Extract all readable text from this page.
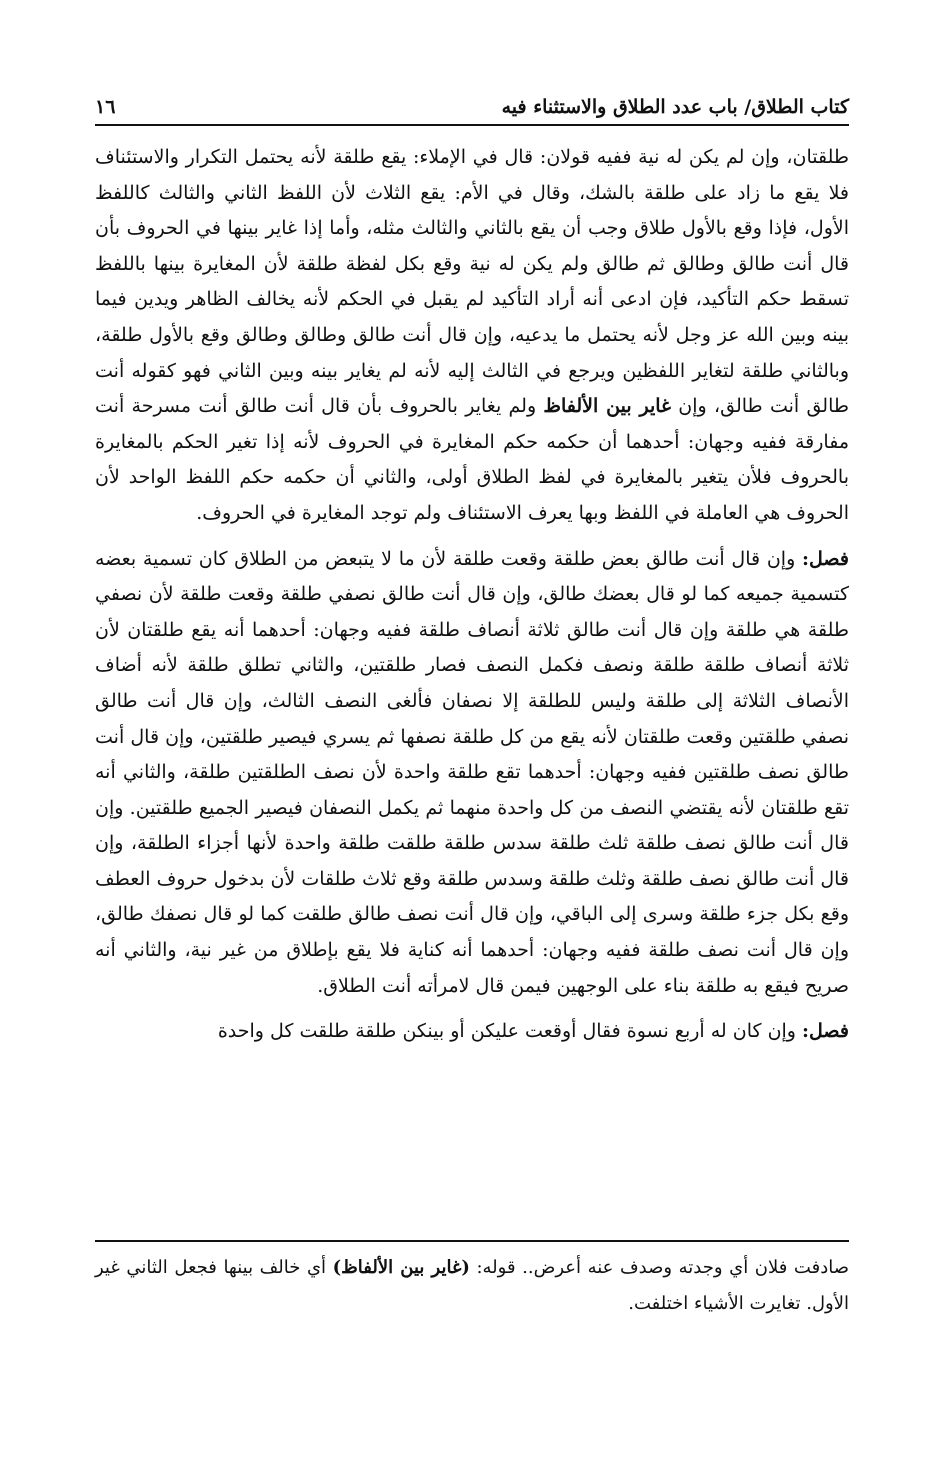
كتاب الطلاق/ باب عدد الطلاق والاستثناء فيه
١٦

طلقتان، وإن لم يكن له نية ففيه قولان: قال في الإملاء: يقع طلقة لأنه يحتمل التكرار والاستئناف فلا يقع ما زاد على طلقة بالشك، وقال في الأم: يقع الثلاث لأن اللفظ الثاني والثالث كاللفظ الأول، فإذا وقع بالأول طلاق وجب أن يقع بالثاني والثالث مثله، وأما إذا غاير بينها في الحروف بأن قال أنت طالق وطالق ثم طالق ولم يكن له نية وقع بكل لفظة طلقة لأن المغايرة بينها باللفظ تسقط حكم التأكيد، فإن ادعى أنه أراد التأكيد لم يقبل في الحكم لأنه يخالف الظاهر ويدين فيما بينه وبين الله عز وجل لأنه يحتمل ما يدعيه، وإن قال أنت طالق وطالق وطالق وقع بالأول طلقة، وبالثاني طلقة لتغاير اللفظين ويرجع في الثالث إليه لأنه لم يغاير بينه وبين الثاني فهو كقوله أنت طالق أنت طالق، وإن غاير بين الألفاظ ولم يغاير بالحروف بأن قال أنت طالق أنت مسرحة أنت مفارقة ففيه وجهان: أحدهما أن حكمه حكم المغايرة في الحروف لأنه إذا تغير الحكم بالمغايرة بالحروف فلأن يتغير بالمغايرة في لفظ الطلاق أولى، والثاني أن حكمه حكم اللفظ الواحد لأن الحروف هي العاملة في اللفظ وبها يعرف الاستئناف ولم توجد المغايرة في الحروف.

فصل: وإن قال أنت طالق بعض طلقة وقعت طلقة لأن ما لا يتبعض من الطلاق كان تسمية بعضه كتسمية جميعه كما لو قال بعضك طالق، وإن قال أنت طالق نصفي طلقة وقعت طلقة لأن نصفي طلقة هي طلقة وإن قال أنت طالق ثلاثة أنصاف طلقة ففيه وجهان: أحدهما أنه يقع طلقتان لأن ثلاثة أنصاف طلقة طلقة ونصف فكمل النصف فصار طلقتين، والثاني تطلق طلقة لأنه أضاف الأنصاف الثلاثة إلى طلقة وليس للطلقة إلا نصفان فألغى النصف الثالث، وإن قال أنت طالق نصفي طلقتين وقعت طلقتان لأنه يقع من كل طلقة نصفها ثم يسري فيصير طلقتين، وإن قال أنت طالق نصف طلقتين ففيه وجهان: أحدهما تقع طلقة واحدة لأن نصف الطلقتين طلقة، والثاني أنه تقع طلقتان لأنه يقتضي النصف من كل واحدة منهما ثم يكمل النصفان فيصير الجميع طلقتين. وإن قال أنت طالق نصف طلقة ثلث طلقة سدس طلقة طلقت طلقة واحدة لأنها أجزاء الطلقة، وإن قال أنت طالق نصف طلقة وثلث طلقة وسدس طلقة وقع ثلاث طلقات لأن بدخول حروف العطف وقع بكل جزء طلقة وسرى إلى الباقي، وإن قال أنت نصف طالق طلقت كما لو قال نصفك طالق، وإن قال أنت نصف طلقة ففيه وجهان: أحدهما أنه كناية فلا يقع بإطلاق من غير نية، والثاني أنه صريح فيقع به طلقة بناء على الوجهين فيمن قال لامرأته أنت الطلاق.

فصل: وإن كان له أربع نسوة فقال أوقعت عليكن أو بينكن طلقة طلقت كل واحدة

صادفت فلان أي وجدته وصدف عنه أعرض.. قوله: (غاير بين الألفاظ) أي خالف بينها فجعل الثاني غير الأول. تغايرت الأشياء اختلفت.
